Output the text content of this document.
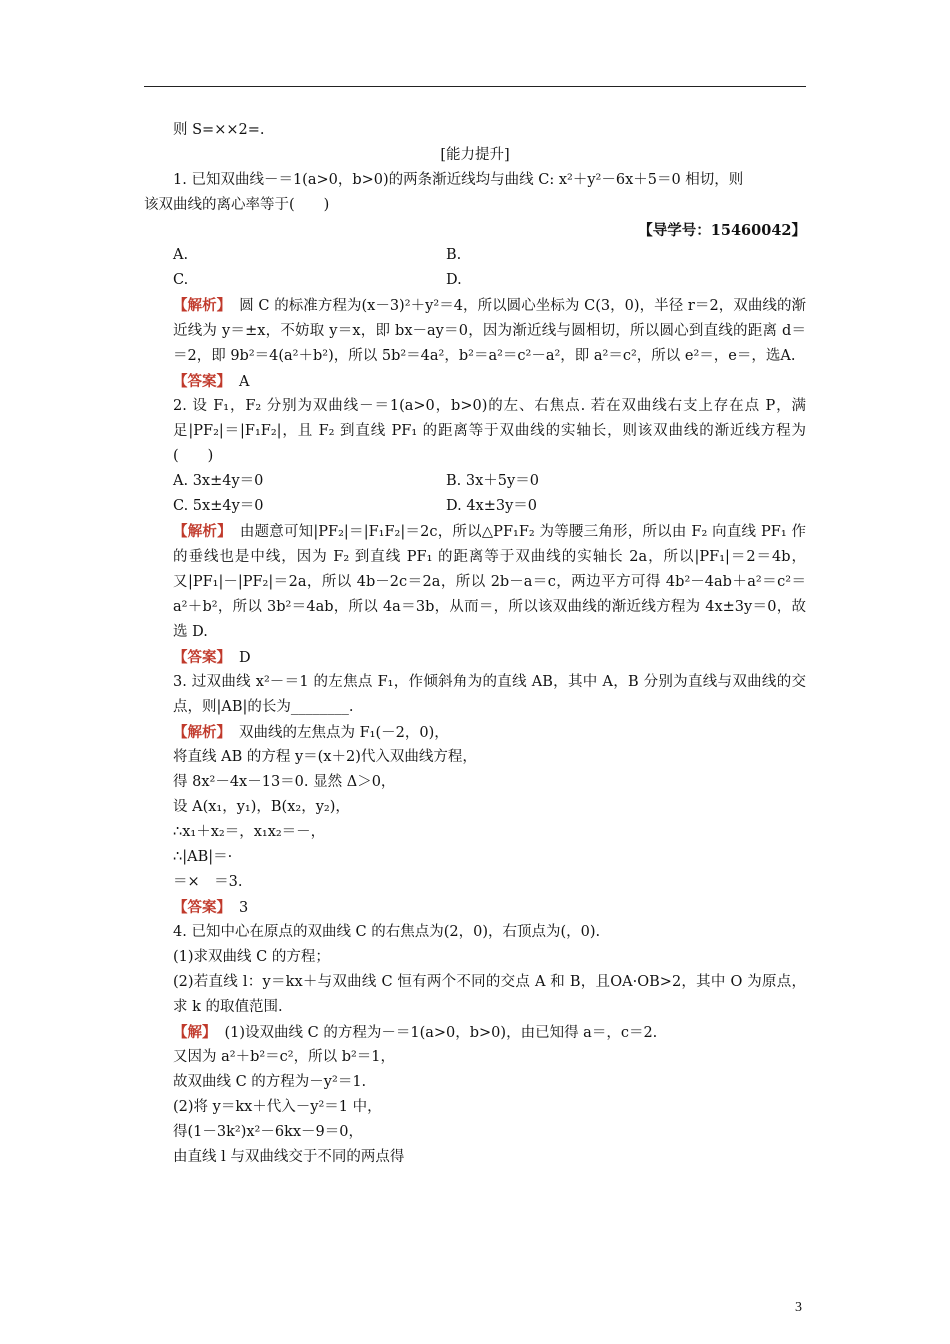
则 S=××2=.
[能力提升]
1. 已知双曲线－＝1(a>0，b>0)的两条渐近线均与曲线 C: x²＋y²－6x＋5＝0 相切，则
该双曲线的离心率等于(　　)
【导学号：15460042】
A.	B.
C.	D.
【解析】 圆 C 的标准方程为(x－3)²＋y²＝4，所以圆心坐标为 C(3，0)，半径 r＝2，双曲线的渐近线为 y＝±x，不妨取 y＝x，即 bx－ay＝0，因为渐近线与圆相切，所以圆心到直线的距离 d＝＝2，即 9b²＝4(a²＋b²)，所以 5b²＝4a²，b²＝a²＝c²－a²，即 a²＝c²，所以 e²＝，e＝，选A.
【答案】 A
2. 设 F₁，F₂ 分别为双曲线－＝1(a>0，b>0)的左、右焦点. 若在双曲线右支上存在点 P，满足|PF₂|＝|F₁F₂|，且 F₂ 到直线 PF₁ 的距离等于双曲线的实轴长，则该双曲线的渐近线方程为(　　)
A. 3x±4y＝0	B. 3x＋5y＝0
C. 5x±4y＝0	D. 4x±3y＝0
【解析】 由题意可知|PF₂|＝|F₁F₂|＝2c，所以△PF₁F₂ 为等腰三角形，所以由 F₂ 向直线 PF₁ 作的垂线也是中线，因为 F₂ 到直线 PF₁ 的距离等于双曲线的实轴长 2a，所以|PF₁|＝2＝4b，又|PF₁|－|PF₂|＝2a，所以 4b－2c＝2a，所以 2b－a＝c，两边平方可得 4b²－4ab＋a²＝c²＝a²＋b²，所以 3b²＝4ab，所以 4a＝3b，从而＝，所以该双曲线的渐近线方程为 4x±3y＝0，故选 D.
【答案】 D
3. 过双曲线 x²－＝1 的左焦点 F₁，作倾斜角为的直线 AB，其中 A，B 分别为直线与双曲线的交点，则|AB|的长为________.
【解析】 双曲线的左焦点为 F₁(－2，0)，
将直线 AB 的方程 y＝(x＋2)代入双曲线方程，
得 8x²－4x－13＝0. 显然 Δ＞0，
设 A(x₁，y₁)，B(x₂，y₂)，
∴x₁＋x₂＝，x₁x₂＝－，
∴|AB|＝·
＝×　＝3.
【答案】 3
4. 已知中心在原点的双曲线 C 的右焦点为(2，0)，右顶点为(，0).
(1)求双曲线 C 的方程；
(2)若直线 l：y＝kx＋与双曲线 C 恒有两个不同的交点 A 和 B，且OA·OB>2，其中 O 为原点，求 k 的取值范围.
【解】 (1)设双曲线 C 的方程为－＝1(a>0，b>0)，由已知得 a＝，c＝2.
又因为 a²＋b²＝c²，所以 b²＝1，
故双曲线 C 的方程为－y²＝1.
(2)将 y＝kx＋代入－y²＝1 中，
得(1－3k²)x²－6kx－9＝0，
由直线 l 与双曲线交于不同的两点得
3
